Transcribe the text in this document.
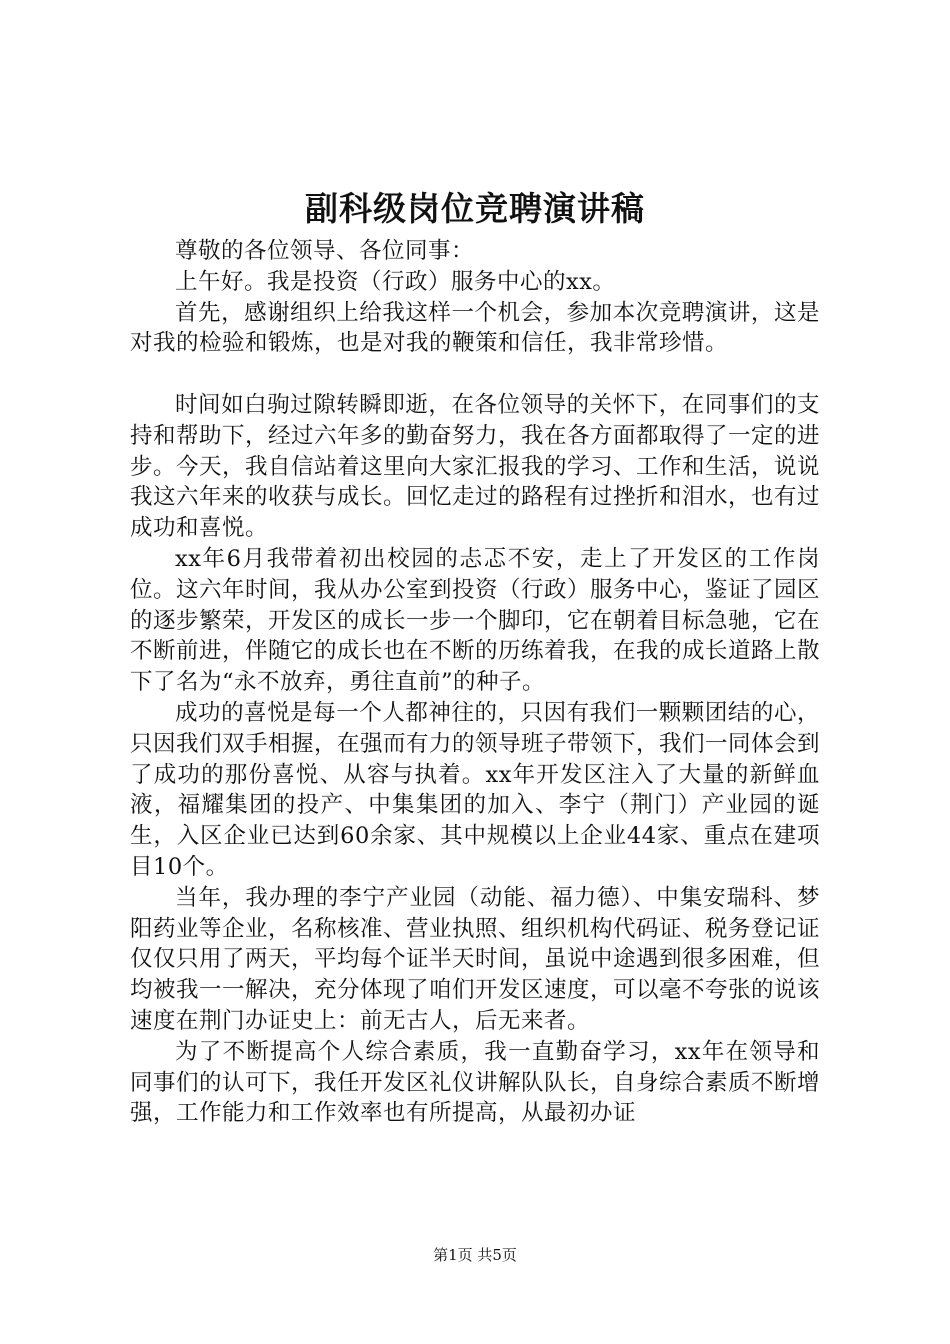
副科级岗位竞聘演讲稿

尊敬的各位领导、各位同事：

上午好。我是投资（行政）服务中心的xx。

首先，感谢组织上给我这样一个机会，参加本次竞聘演讲，这是对我的检验和锻炼，也是对我的鞭策和信任，我非常珍惜。

时间如白驹过隙转瞬即逝，在各位领导的关怀下，在同事们的支持和帮助下，经过六年多的勤奋努力，我在各方面都取得了一定的进步。今天，我自信站着这里向大家汇报我的学习、工作和生活，说说我这六年来的收获与成长。回忆走过的路程有过挫折和泪水，也有过成功和喜悦。

xx年6月我带着初出校园的忐忑不安，走上了开发区的工作岗位。这六年时间，我从办公室到投资（行政）服务中心，鉴证了园区的逐步繁荣，开发区的成长一步一个脚印，它在朝着目标急驰，它在不断前进，伴随它的成长也在不断的历练着我，在我的成长道路上散下了名为“永不放弃，勇往直前”的种子。

成功的喜悦是每一个人都神往的，只因有我们一颗颗团结的心，只因我们双手相握，在强而有力的领导班子带领下，我们一同体会到了成功的那份喜悦、从容与执着。xx年开发区注入了大量的新鲜血液，福耀集团的投产、中集集团的加入、李宁（荆门）产业园的诞生，入区企业已达到60余家、其中规模以上企业44家、重点在建项目10个。

当年，我办理的李宁产业园（动能、福力德）、中集安瑞科、梦阳药业等企业，名称核准、营业执照、组织机构代码证、税务登记证仅仅只用了两天，平均每个证半天时间，虽说中途遇到很多困难，但均被我一一解决，充分体现了咱们开发区速度，可以毫不夸张的说该速度在荆门办证史上：前无古人，后无来者。

为了不断提高个人综合素质，我一直勤奋学习，xx年在领导和同事们的认可下，我任开发区礼仪讲解队队长，自身综合素质不断增强，工作能力和工作效率也有所提高，从最初办证

第1页 共5页
